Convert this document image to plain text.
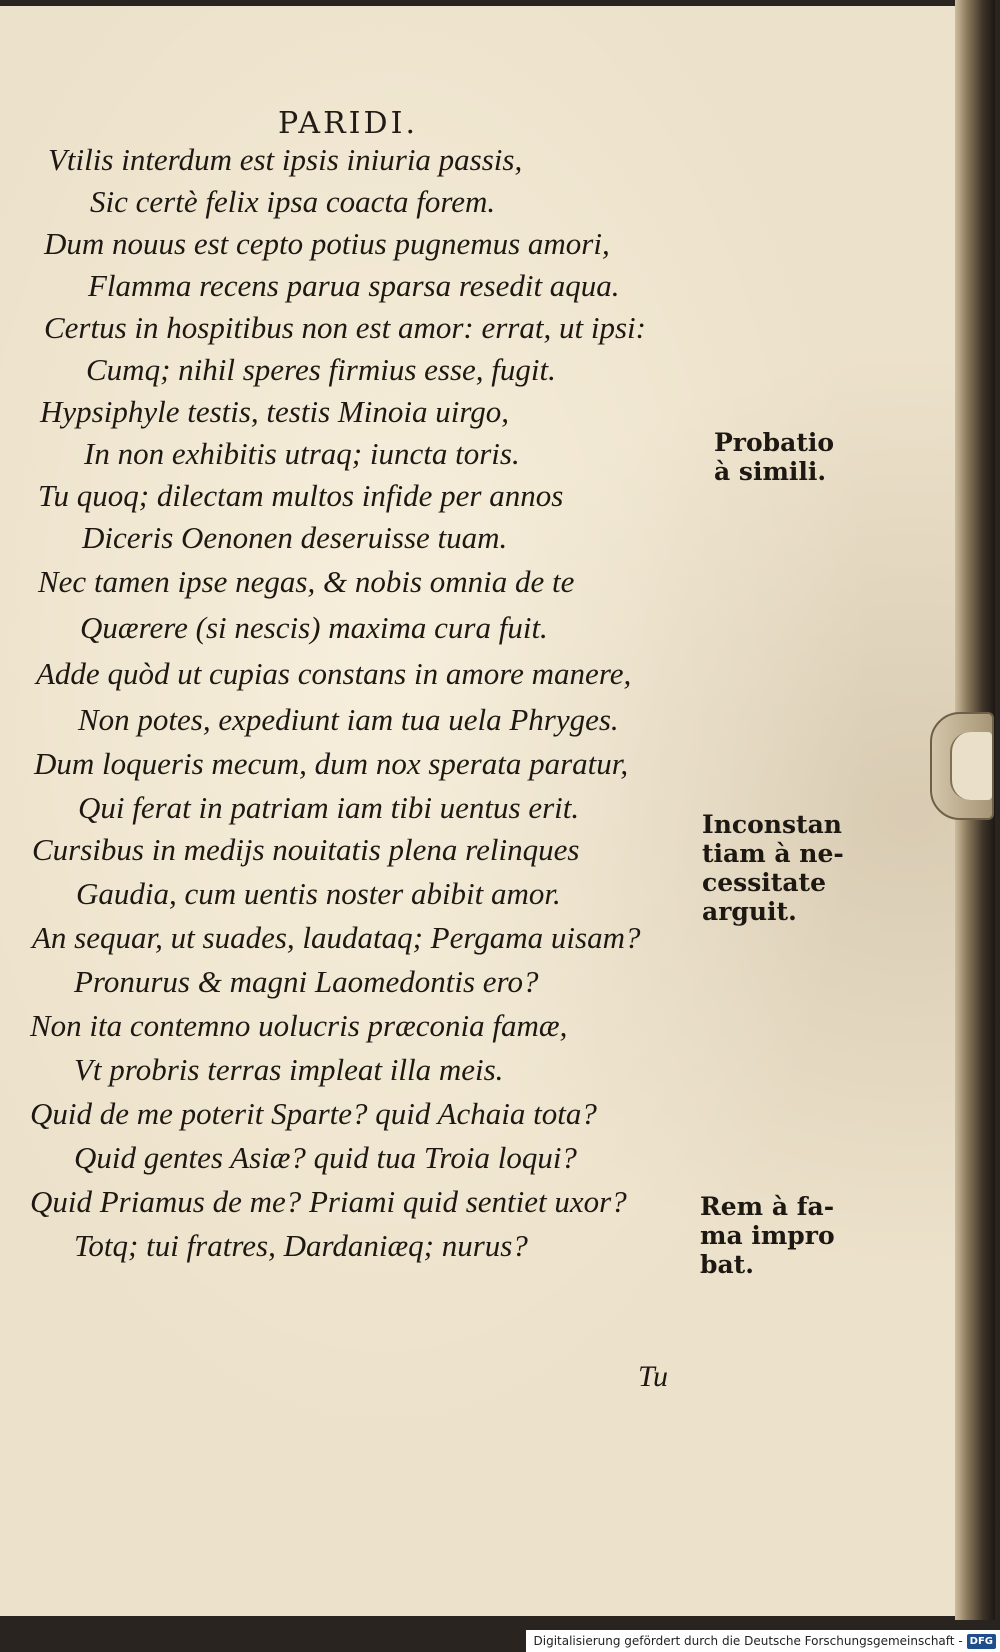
PARIDI.
Vtilis interdum est ipsis iniuria passis,
Sic certè felix ipsa coacta forem.
Dum nouus est cepto potius pugnemus amori,
Flamma recens parua sparsa resedit aqua.
Certus in hospitibus non est amor: errat, ut ipsi:
Cumq; nihil speres firmius esse, fugit.
Hypsiphyle testis, testis Minoia uirgo,
In non exhibitis utraq; iuncta toris.
Tu quoq; dilectam multos infide per annos
Diceris Oenonen deseruisse tuam.
Nec tamen ipse negas, & nobis omnia de te
Quærere (si nescis) maxima cura fuit.
Adde quòd ut cupias constans in amore manere,
Non potes, expediunt iam tua uela Phryges.
Dum loqueris mecum, dum nox sperata paratur,
Qui ferat in patriam iam tibi uentus erit.
Cursibus in medijs nouitatis plena relinques
Gaudia, cum uentis noster abibit amor.
An sequar, ut suades, laudataq; Pergama uisam?
Pronurus & magni Laomedontis ero?
Non ita contemno uolucris præconia famæ,
Vt probris terras impleat illa meis.
Quid de me poterit Sparte? quid Achaia tota?
Quid gentes Asiæ? quid tua Troia loqui?
Quid Priamus de me? Priami quid sentiet uxor?
Totq; tui fratres, Dardaniæq; nurus?
Probatio
à simili.
Inconstan
tiam à ne-
cessitate
arguit.
Rem à fa-
ma impro
bat.
Tu
Digitalisierung gefördert durch die Deutsche Forschungsgemeinschaft - DFG
